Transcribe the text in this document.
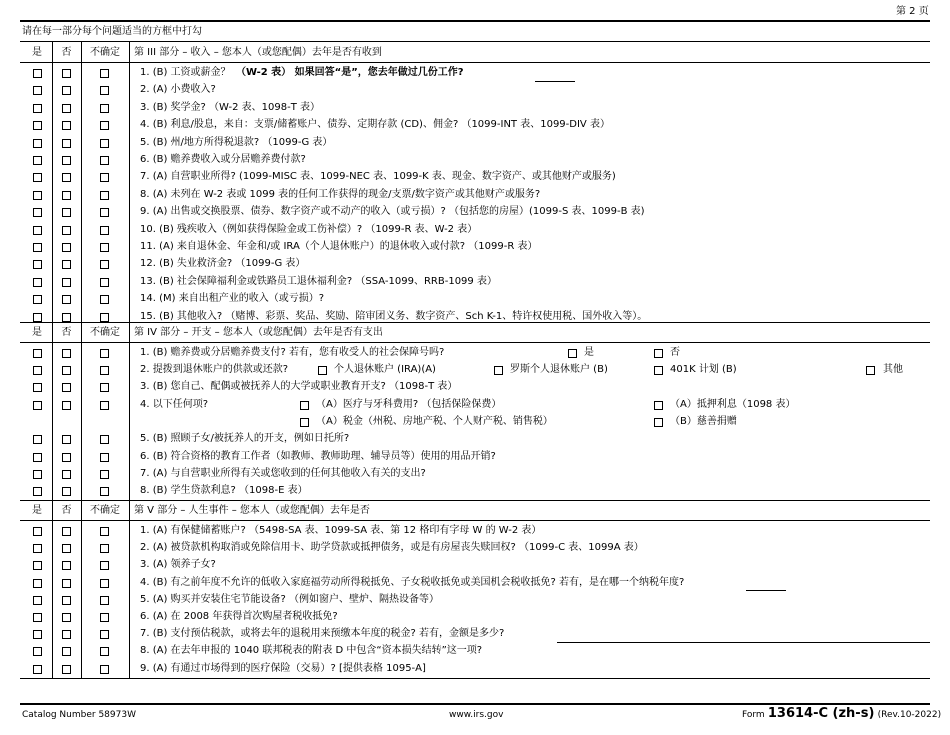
第 2 页
请在每一部分每个问题适当的方框中打勾
是	否	不确定	第 III 部分 – 收入 – 您本人（或您配偶）去年是否有收到
1. (B) 工资或薪金？ （W-2 表） 如果回答“是”，您去年做过几份工作?
2. (A) 小费收入?
3. (B) 奖学金? （W-2 表、1098-T 表）
4. (B) 利息/股息，来自：支票/储蓄账户、债券、定期存款 (CD)、佣金? （1099-INT 表、1099-DIV 表）
5. (B) 州/地方所得税退款? （1099-G 表）
6. (B) 赡养费收入或分居赡养费付款?
7. (A) 自营职业所得? (1099-MISC 表、1099-NEC 表、1099-K 表、现金、数字资产、或其他财产或服务)
8. (A) 未列在 W-2 表或 1099 表的任何工作获得的现金/支票/数字资产或其他财产或服务?
9. (A) 出售或交换股票、债券、数字资产或不动产的收入（或亏损）? （包括您的房屋）(1099-S 表、1099-B 表)
10. (B) 残疾收入（例如获得保险金或工伤补偿）? （1099-R 表、W-2 表）
11. (A) 来自退休金、年金和/或 IRA（个人退休账户）的退休收入或付款? （1099-R 表）
12. (B) 失业救济金? （1099-G 表）
13. (B) 社会保障福利金或铁路员工退休福利金? （SSA-1099、RRB-1099 表）
14. (M) 来自出租产业的收入（或亏损）?
15. (B) 其他收入? （赌博、彩票、奖品、奖励、陪审团义务、数字资产、Sch K-1、特许权使用税、国外收入等）。
是	否	不确定	第 IV 部分 – 开支 – 您本人（或您配偶）去年是否有支出
1. (B) 赡养费或分居赡养费支付? 若有，您有收受人的社会保障号吗?	是	否
2. 提拨到退休账户的供款或还款?	个人退休账户 (IRA)(A)	罗斯个人退休账户 (B)	401K 计划 (B)	其他
3. (B) 您自己、配偶或被抚养人的大学或职业教育开支? （1098-T 表）
4. 以下任何项?	（A）医疗与牙科费用? （包括保险保费）	（A）抵押利息（1098 表）
（A）税金（州税、房地产税、个人财产税、销售税）	（B）慈善捐赠
5. (B) 照顾子女/被抚养人的开支，例如日托所?
6. (B) 符合资格的教育工作者（如教师、教师助理、辅导员等）使用的用品开销?
7. (A) 与自营职业所得有关或您收到的任何其他收入有关的支出?
8. (B) 学生贷款利息? （1098-E 表）
是	否	不确定	第 V 部分 – 人生事件 – 您本人（或您配偶）去年是否
1. (A) 有保健储蓄账户? （5498-SA 表、1099-SA 表、第 12 格印有字母 W 的 W-2 表）
2. (A) 被贷款机构取消或免除信用卡、助学贷款或抵押债务，或是有房屋丧失赎回权? （1099-C 表、1099A 表）
3. (A) 领养子女?
4. (B) 有之前年度不允许的低收入家庭福劳动所得税抵免、子女税收抵免或美国机会税收抵免? 若有，是在哪一个纳税年度?
5. (A) 购买并安装住宅节能设备? （例如窗户、壁炉、隔热设备等）
6. (A) 在 2008 年获得首次购屋者税收抵免?
7. (B) 支付预估税款，或将去年的退税用来预缴本年度的税金? 若有，金额是多少?
8. (A) 在去年申报的 1040 联邦税表的附表 D 中包含“资本损失结转”这一项?
9. (A) 有通过市场得到的医疗保险（交易）? [提供表格 1095-A]
Catalog Number 58973W	www.irs.gov	Form 13614-C (zh-s) (Rev.10-2022)
